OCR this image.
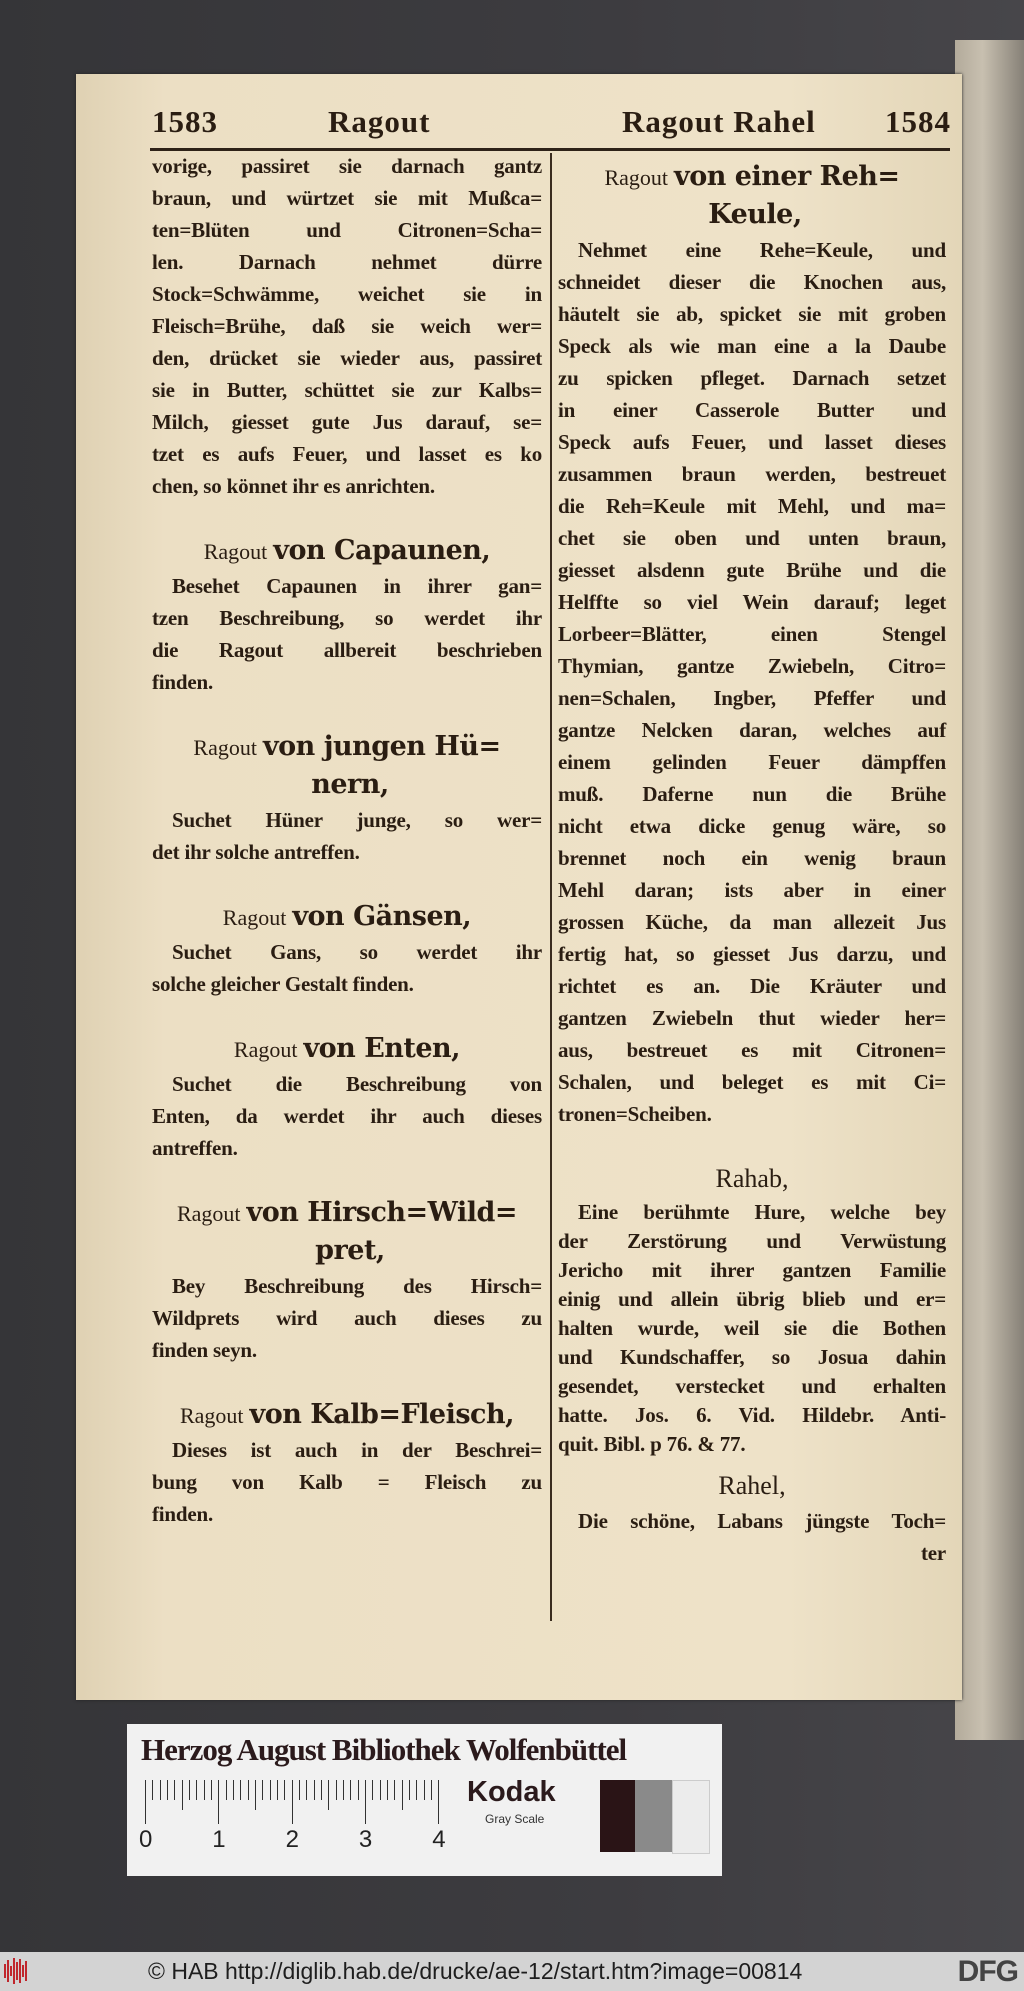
1583	Ragout	Ragout Rahel 1584
vorige, passiret sie darnach gantz
braun, und würtzet sie mit Mußca=
ten=Blüten und Citronen=Scha=
len. Darnach nehmet dürre
Stock=Schwämme, weichet sie in
Fleisch=Brühe, daß sie weich wer=
den, drücket sie wieder aus, passiret
sie in Butter, schüttet sie zur Kalbs=
Milch, giesset gute Jus darauf, se=
tzet es aufs Feuer, und lasset es ko
chen, so könnet ihr es anrichten.
Ragout von Capaunen,
Besehet Capaunen in ihrer gan=
tzen Beschreibung, so werdet ihr
die Ragout allbereit beschrieben
finden.
Ragout von jungen Hü=
nern,
Suchet Hüner junge, so wer=
det ihr solche antreffen.
Ragout von Gänsen,
Suchet Gans, so werdet ihr
solche gleicher Gestalt finden.
Ragout von Enten,
Suchet die Beschreibung von
Enten, da werdet ihr auch dieses
antreffen.
Ragout von Hirsch=Wild=
pret,
Bey Beschreibung des Hirsch=
Wildprets wird auch dieses zu
finden seyn.
Ragout von Kalb=Fleisch,
Dieses ist auch in der Beschrei=
bung von Kalb = Fleisch zu
finden.
Ragout von einer Reh=
Keule,
Nehmet eine Rehe=Keule, und
schneidet dieser die Knochen aus,
häutelt sie ab, spicket sie mit groben
Speck als wie man eine a la Daube
zu spicken pfleget. Darnach setzet
in einer Casserole Butter und
Speck aufs Feuer, und lasset dieses
zusammen braun werden, bestreuet
die Reh=Keule mit Mehl, und ma=
chet sie oben und unten braun,
giesset alsdenn gute Brühe und die
Helffte so viel Wein darauf; leget
Lorbeer=Blätter, einen Stengel
Thymian, gantze Zwiebeln, Citro=
nen=Schalen, Ingber, Pfeffer und
gantze Nelcken daran, welches auf
einem gelinden Feuer dämpffen
muß. Daferne nun die Brühe
nicht etwa dicke genug wäre, so
brennet noch ein wenig braun
Mehl daran; ists aber in einer
grossen Küche, da man allezeit Jus
fertig hat, so giesset Jus darzu, und
richtet es an. Die Kräuter und
gantzen Zwiebeln thut wieder her=
aus, bestreuet es mit Citronen=
Schalen, und beleget es mit Ci=
tronen=Scheiben.
Rahab,
Eine berühmte Hure, welche bey
der Zerstörung und Verwüstung
Jericho mit ihrer gantzen Familie
einig und allein übrig blieb und er=
halten wurde, weil sie die Bothen
und Kundschaffer, so Josua dahin
gesendet, verstecket und erhalten
hatte. Jos. 6. Vid. Hildebr. Anti-
quit. Bibl. p 76. & 77.
Rahel,
Die schöne, Labans jüngste Toch=
ter
Herzog August Bibliothek Wolfenbüttel
0 1 2 3 4
Kodak
Gray Scale
© HAB http://diglib.hab.de/drucke/ae-12/start.htm?image=00814	DFG
